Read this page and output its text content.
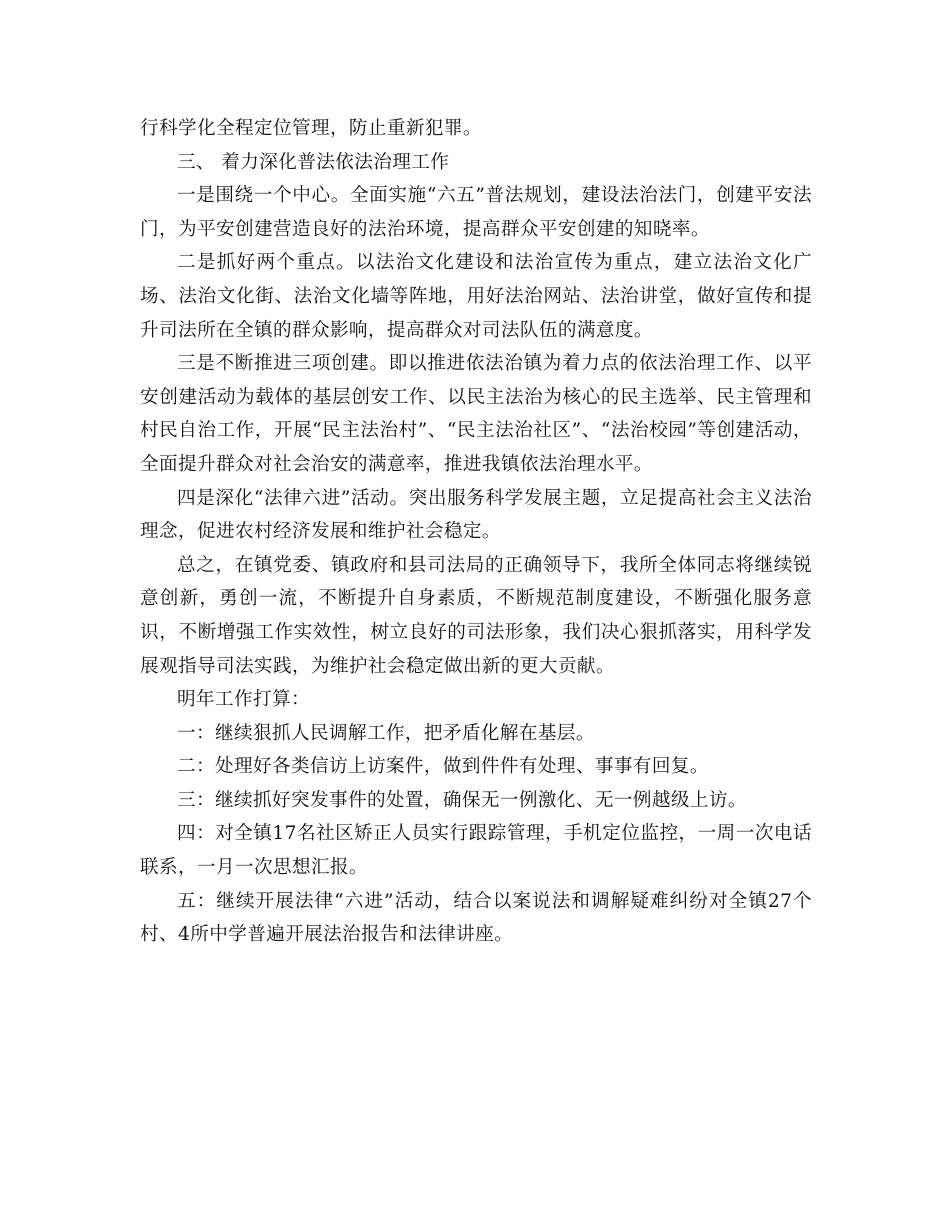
行科学化全程定位管理，防止重新犯罪。

三、 着力深化普法依法治理工作

一是围绕一个中心。全面实施“六五”普法规划，建设法治法门，创建平安法门，为平安创建营造良好的法治环境，提高群众平安创建的知晓率。

二是抓好两个重点。以法治文化建设和法治宣传为重点，建立法治文化广场、法治文化街、法治文化墙等阵地，用好法治网站、法治讲堂，做好宣传和提升司法所在全镇的群众影响，提高群众对司法队伍的满意度。

三是不断推进三项创建。即以推进依法治镇为着力点的依法治理工作、以平安创建活动为载体的基层创安工作、以民主法治为核心的民主选举、民主管理和村民自治工作，开展“民主法治村”、“民主法治社区”、“法治校园”等创建活动，全面提升群众对社会治安的满意率，推进我镇依法治理水平。

四是深化“法律六进”活动。突出服务科学发展主题，立足提高社会主义法治理念，促进农村经济发展和维护社会稳定。

总之，在镇党委、镇政府和县司法局的正确领导下，我所全体同志将继续锐意创新，勇创一流，不断提升自身素质，不断规范制度建设，不断强化服务意识，不断增强工作实效性，树立良好的司法形象，我们决心狠抓落实，用科学发展观指导司法实践，为维护社会稳定做出新的更大贡献。

明年工作打算：

一：继续狠抓人民调解工作，把矛盾化解在基层。

二：处理好各类信访上访案件，做到件件有处理、事事有回复。

三：继续抓好突发事件的处置，确保无一例激化、无一例越级上访。

四：对全镇17名社区矫正人员实行跟踪管理，手机定位监控，一周一次电话联系，一月一次思想汇报。

五：继续开展法律“六进”活动，结合以案说法和调解疑难纠纷对全镇27个村、4所中学普遍开展法治报告和法律讲座。
